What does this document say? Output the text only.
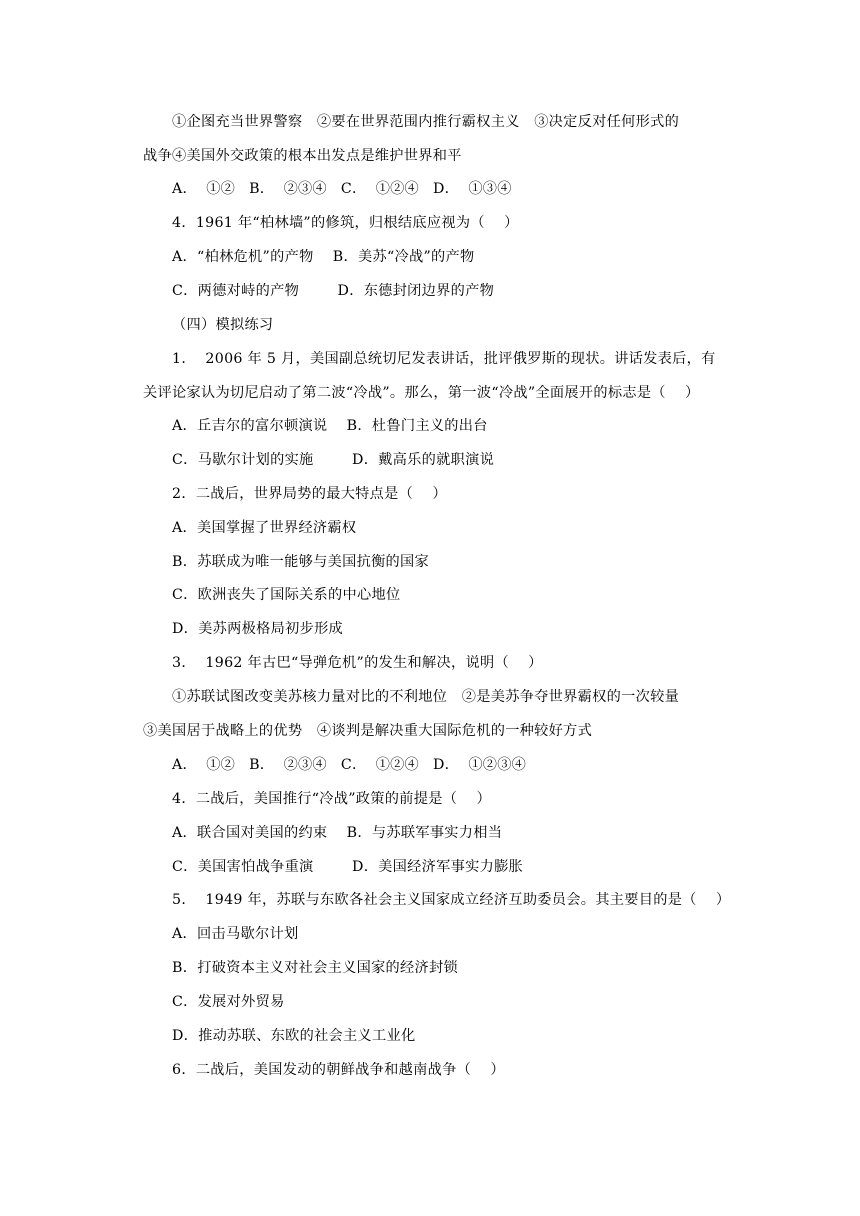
①企图充当世界警察　②要在世界范围内推行霸权主义　③决定反对任何形式的
战争④美国外交政策的根本出发点是维护世界和平
A．  ①②   B．  ②③④   C．  ①②④   D．  ①③④
4．1961 年“柏林墙”的修筑，归根结底应视为（    ）
A．“柏林危机”的产物    B．美苏“冷战”的产物
C．两德对峙的产物        D．东德封闭边界的产物
（四）模拟练习
1．  2006 年 5 月，美国副总统切尼发表讲话，批评俄罗斯的现状。讲话发表后，有
关评论家认为切尼启动了第二波“冷战”。那么，第一波“冷战”全面展开的标志是（    ）
A．丘吉尔的富尔顿演说    B．杜鲁门主义的出台
C．马歇尔计划的实施        D．戴高乐的就职演说
2．二战后，世界局势的最大特点是（    ）
A．美国掌握了世界经济霸权
B．苏联成为唯一能够与美国抗衡的国家
C．欧洲丧失了国际关系的中心地位
D．美苏两极格局初步形成
3．  1962 年古巴“导弹危机”的发生和解决，说明（    ）
①苏联试图改变美苏核力量对比的不利地位　②是美苏争夺世界霸权的一次较量
③美国居于战略上的优势　④谈判是解决重大国际危机的一种较好方式
A．  ①②   B．  ②③④   C．  ①②④   D．  ①②③④
4．二战后，美国推行“冷战”政策的前提是（    ）
A．联合国对美国的约束    B．与苏联军事实力相当
C．美国害怕战争重演        D．美国经济军事实力膨胀
5．  1949 年，苏联与东欧各社会主义国家成立经济互助委员会。其主要目的是（    ）
A．回击马歇尔计划
B．打破资本主义对社会主义国家的经济封锁
C．发展对外贸易
D．推动苏联、东欧的社会主义工业化
6．二战后，美国发动的朝鲜战争和越南战争（    ）
